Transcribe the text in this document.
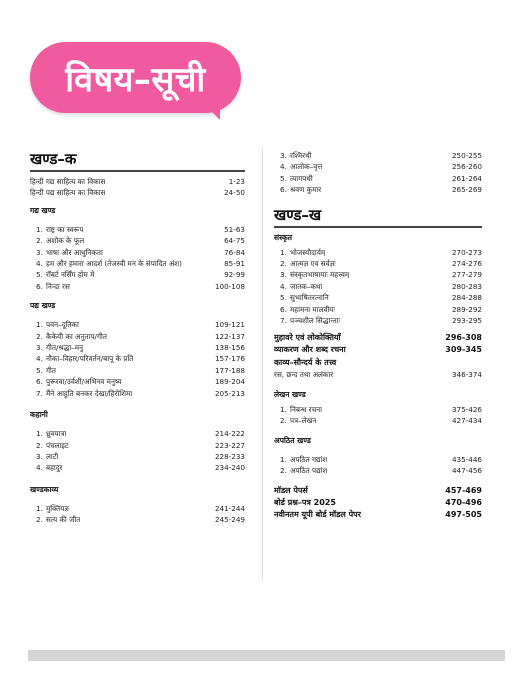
विषय–सूची
खण्ड–क
हिन्दी गद्य साहित्य का विकास	1-23
हिन्दी पद्य साहित्य का विकास	24-50
गद्य खण्ड
1. राष्ट्र का स्वरूप	51-63
2. अशोक के फूल	64-75
3. भाषा और आधुनिकता	76-84
4. हम और हमारा आदर्श (तेजस्वी मन के संपादित अंश)	85-91
5. रॉबर्ट नर्सिंग होम में	92-99
6. निन्दा रस	100-108
पद्य खण्ड
1. पवन–दूतिका	109-121
2. कैकेयी का अनुताप/गीत	122-137
3. गीत/श्रद्धा–मनु	138-156
4. नौका–विहार/परिवर्तन/बापू के प्रति	157-176
5. गीत	177-188
6. पुरूरवा/उर्वशी/अभिनव मनुष्य	189-204
7. मैंने आहुति बनकर देखा/हिरोशिमा	205-213
कहानी
1. ध्रुवयात्रा	214-222
2. पंचलाइट	223-227
3. लाटी	228-233
4. बहादुर	234-240
खण्डकाव्य
1. मुक्तियज्ञ	241-244
2. सत्य की जीत	245-249
3. रश्मिरथी	250-255
4. आलोक–वृत्त	256-260
5. त्यागपथी	261-264
6. श्रवण कुमार	265-269
खण्ड–ख
संस्कृत
1. भोजस्यौदार्यम्	270-273
2. आत्मज्ञ एव सर्वज्ञः	274-276
3. संस्कृतभाषायाः महत्त्वम्	277-279
4. जातक–कथा	280-283
5. सुभाषितरत्नानि	284-288
6. महामना मालवीयः	289-292
7. पञ्चशील सिद्धान्ताः	293-295
मुहावरे एवं लोकोक्तियाँ	296-308
व्याकरण और शब्द रचना	309-345
काव्य–सौन्दर्य के तत्त्व
रस, छन्द तथा अलंकार	346-374
लेखन खण्ड
1. निबन्ध रचना	375-426
2. पत्र–लेखन	427-434
अपठित खण्ड
1. अपठित गद्यांश	435-446
2. अपठित पद्यांश	447-456
मॉडल पेपर्स	457-469
बोर्ड प्रश्न–पत्र 2025	470-496
नवीनतम यूपी बोर्ड मॉडल पेपर	497-505
